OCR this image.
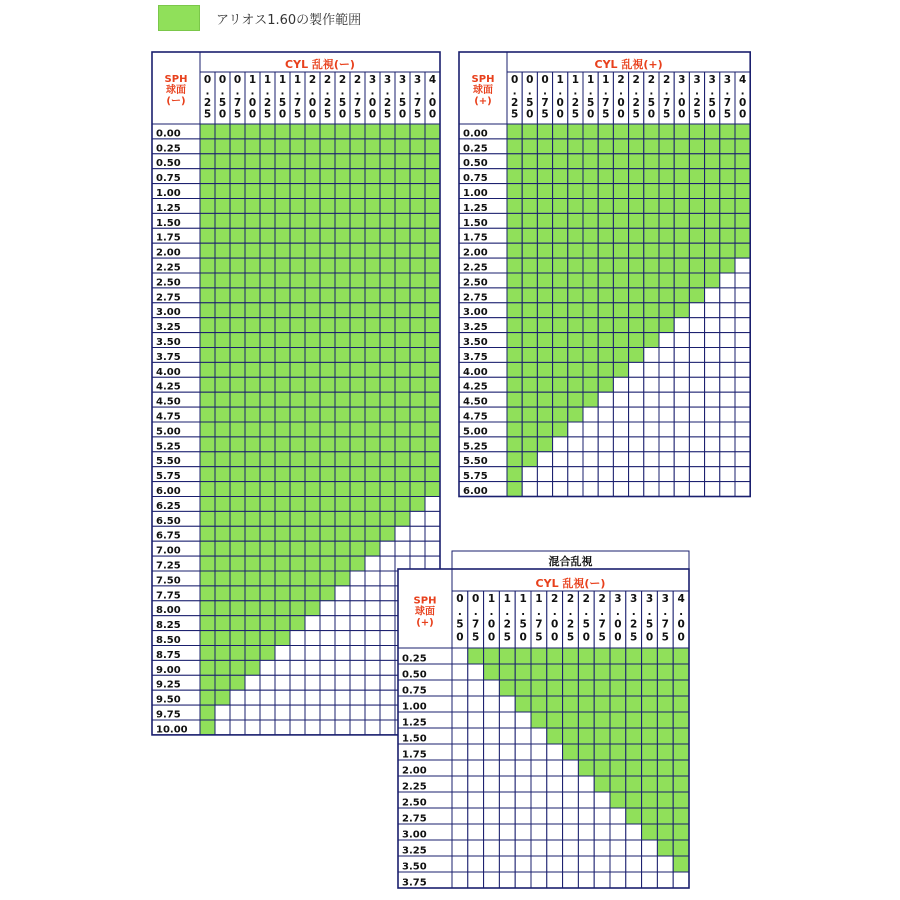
アリオス1.60の製作範囲
0.00
0.25
0.50
0.75
1.00
1.25
1.50
1.75
2.00
2.25
2.50
2.75
3.00
3.25
3.50
3.75
4.00
4.25
4.50
4.75
5.00
5.25
5.50
5.75
6.00
6.25
6.50
6.75
7.00
7.25
7.50
7.75
8.00
8.25
8.50
8.75
9.00
9.25
9.50
9.75
10.00
0 . 2 5
0 . 5 0
0 . 7 5
1 . 0 0
1 . 2 5
1 . 5 0
1 . 7 5
2 . 0 0
2 . 2 5
2 . 5 0
2 . 7 5
3 . 0 0
3 . 2 5
3 . 5 0
3 . 7 5
4 . 0 0
SPH
球面
(ー)
CYL 乱視(ー)
0.00
0.25
0.50
0.75
1.00
1.25
1.50
1.75
2.00
2.25
2.50
2.75
3.00
3.25
3.50
3.75
4.00
4.25
4.50
4.75
5.00
5.25
5.50
5.75
6.00
0 . 2 5
0 . 5 0
0 . 7 5
1 . 0 0
1 . 2 5
1 . 5 0
1 . 7 5
2 . 0 0
2 . 2 5
2 . 5 0
2 . 7 5
3 . 0 0
3 . 2 5
3 . 5 0
3 . 7 5
4 . 0 0
SPH
球面
(+)
CYL 乱視(+)
0.25
0.50
0.75
1.00
1.25
1.50
1.75
2.00
2.25
2.50
2.75
3.00
3.25
3.50
3.75
0 . 5 0
0 . 7 5
1 . 0 0
1 . 2 5
1 . 5 0
1 . 7 5
2 . 0 0
2 . 2 5
2 . 5 0
2 . 7 5
3 . 0 0
3 . 2 5
3 . 5 0
3 . 7 5
4 . 0 0
SPH
球面
(+)
CYL 乱視(ー)
混合乱視
